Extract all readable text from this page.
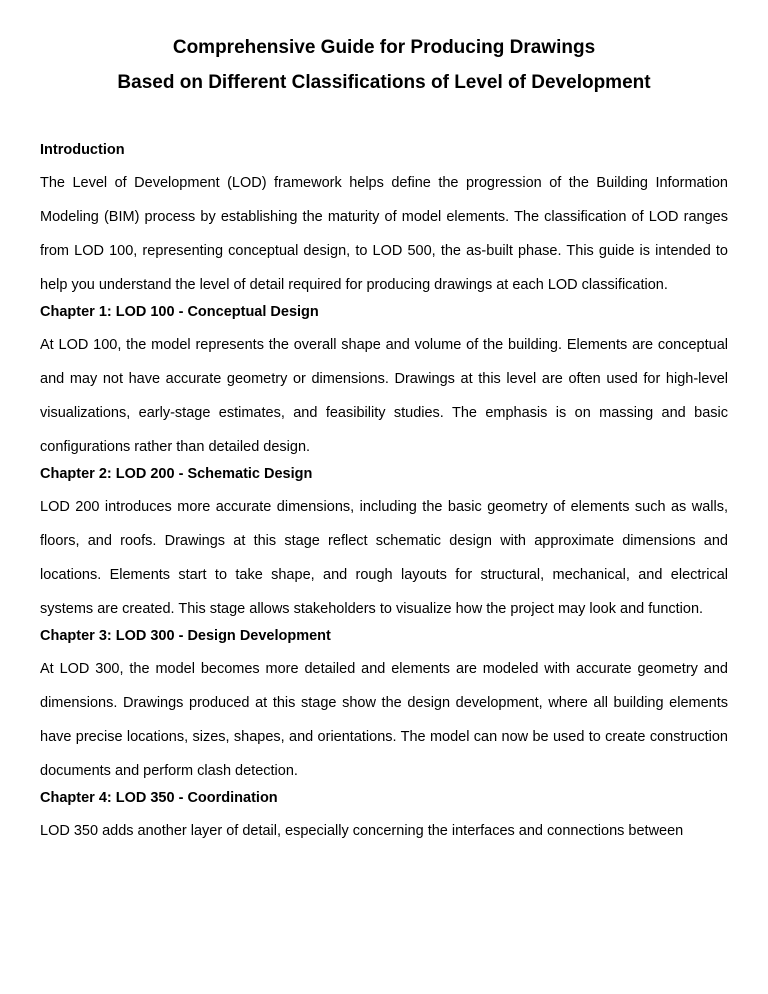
Comprehensive Guide for Producing Drawings
Based on Different Classifications of Level of Development
Introduction

The Level of Development (LOD) framework helps define the progression of the Building Information Modeling (BIM) process by establishing the maturity of model elements. The classification of LOD ranges from LOD 100, representing conceptual design, to LOD 500, the as-built phase. This guide is intended to help you understand the level of detail required for producing drawings at each LOD classification.

Chapter 1: LOD 100 - Conceptual Design

At LOD 100, the model represents the overall shape and volume of the building. Elements are conceptual and may not have accurate geometry or dimensions. Drawings at this level are often used for high-level visualizations, early-stage estimates, and feasibility studies. The emphasis is on massing and basic configurations rather than detailed design.

Chapter 2: LOD 200 - Schematic Design

LOD 200 introduces more accurate dimensions, including the basic geometry of elements such as walls, floors, and roofs. Drawings at this stage reflect schematic design with approximate dimensions and locations. Elements start to take shape, and rough layouts for structural, mechanical, and electrical systems are created. This stage allows stakeholders to visualize how the project may look and function.

Chapter 3: LOD 300 - Design Development

At LOD 300, the model becomes more detailed and elements are modeled with accurate geometry and dimensions. Drawings produced at this stage show the design development, where all building elements have precise locations, sizes, shapes, and orientations. The model can now be used to create construction documents and perform clash detection.

Chapter 4: LOD 350 - Coordination

LOD 350 adds another layer of detail, especially concerning the interfaces and connections between
